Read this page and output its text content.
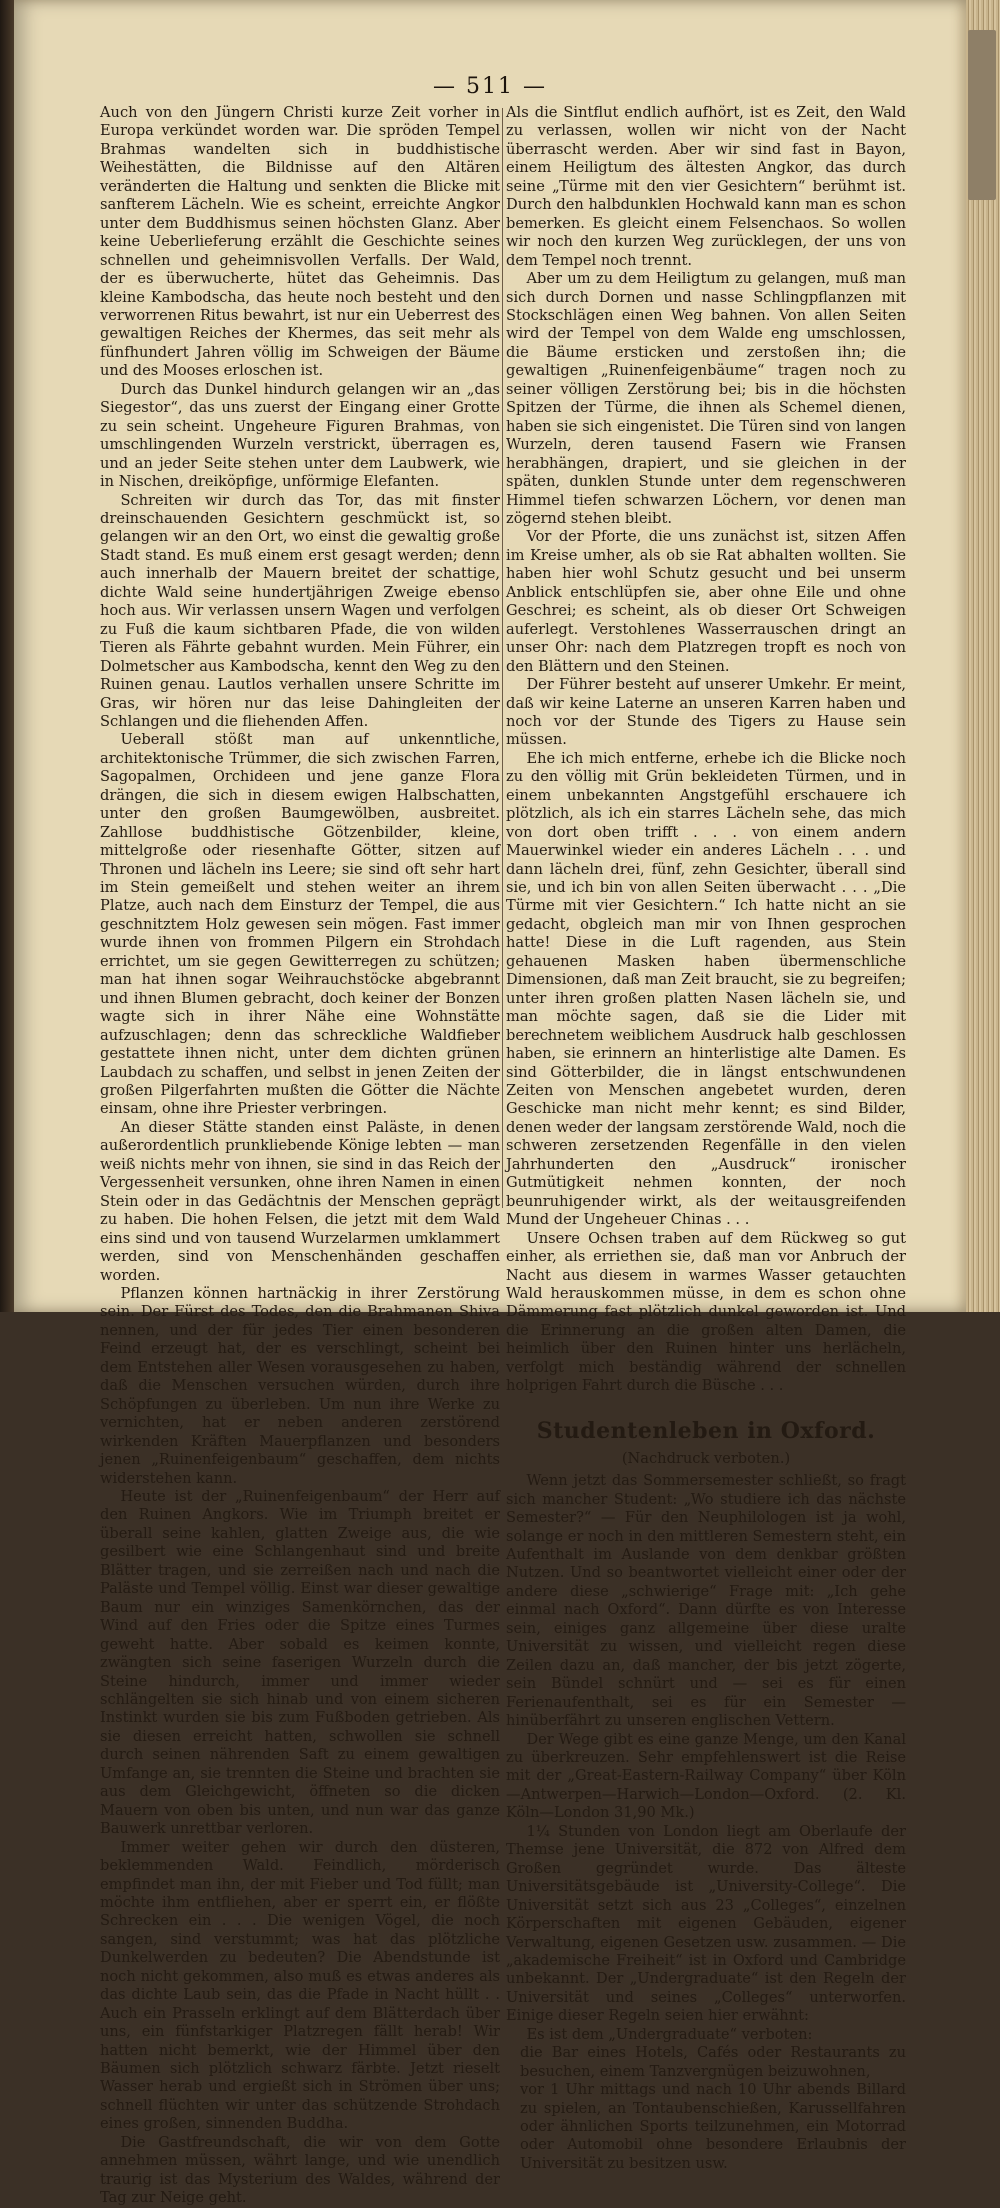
— 511 —

Auch von den Jüngern Christi kurze Zeit vorher in Europa verkündet worden war. Die spröden Tempel Brahmas wandelten sich in buddhistische Weihestätten, die Bildnisse auf den Altären veränderten die Haltung und senkten die Blicke mit sanfterem Lächeln. Wie es scheint, erreichte Angkor unter dem Buddhismus seinen höchsten Glanz. Aber keine Ueberlieferung erzählt die Geschichte seines schnellen und geheimnisvollen Verfalls. Der Wald, der es überwucherte, hütet das Geheimnis. Das kleine Kambodscha, das heute noch besteht und den verworrenen Ritus bewahrt, ist nur ein Ueberrest des gewaltigen Reiches der Khermes, das seit mehr als fünfhundert Jahren völlig im Schweigen der Bäume und des Mooses erloschen ist.

Durch das Dunkel hindurch gelangen wir an „das Siegestor“, das uns zuerst der Eingang einer Grotte zu sein scheint. Ungeheure Figuren Brahmas, von umschlingenden Wurzeln verstrickt, überragen es, und an jeder Seite stehen unter dem Laubwerk, wie in Nischen, dreiköpfige, unförmige Elefanten.

Schreiten wir durch das Tor, das mit finster dreinschauenden Gesichtern geschmückt ist, so gelangen wir an den Ort, wo einst die gewaltig große Stadt stand. Es muß einem erst gesagt werden; denn auch innerhalb der Mauern breitet der schattige, dichte Wald seine hundertjährigen Zweige ebenso hoch aus. Wir verlassen unsern Wagen und verfolgen zu Fuß die kaum sichtbaren Pfade, die von wilden Tieren als Fährte gebahnt wurden. Mein Führer, ein Dolmetscher aus Kambodscha, kennt den Weg zu den Ruinen genau. Lautlos verhallen unsere Schritte im Gras, wir hören nur das leise Dahingleiten der Schlangen und die fliehenden Affen.

Ueberall stößt man auf unkenntliche, architektonische Trümmer, die sich zwischen Farren, Sagopalmen, Orchideen und jene ganze Flora drängen, die sich in diesem ewigen Halbschatten, unter den großen Baumgewölben, ausbreitet. Zahllose buddhistische Götzenbilder, kleine, mittelgroße oder riesenhafte Götter, sitzen auf Thronen und lächeln ins Leere; sie sind oft sehr hart im Stein gemeißelt und stehen weiter an ihrem Platze, auch nach dem Einsturz der Tempel, die aus geschnitztem Holz gewesen sein mögen. Fast immer wurde ihnen von frommen Pilgern ein Strohdach errichtet, um sie gegen Gewitterregen zu schützen; man hat ihnen sogar Weihrauchstöcke abgebrannt und ihnen Blumen gebracht, doch keiner der Bonzen wagte sich in ihrer Nähe eine Wohnstätte aufzuschlagen; denn das schreckliche Waldfieber gestattete ihnen nicht, unter dem dichten grünen Laubdach zu schaffen, und selbst in jenen Zeiten der großen Pilgerfahrten mußten die Götter die Nächte einsam, ohne ihre Priester verbringen.

An dieser Stätte standen einst Paläste, in denen außerordentlich prunkliebende Könige lebten — man weiß nichts mehr von ihnen, sie sind in das Reich der Vergessenheit versunken, ohne ihren Namen in einen Stein oder in das Gedächtnis der Menschen geprägt zu haben. Die hohen Felsen, die jetzt mit dem Wald eins sind und von tausend Wurzelarmen umklammert werden, sind von Menschenhänden geschaffen worden.

Pflanzen können hartnäckig in ihrer Zerstörung sein. Der Fürst des Todes, den die Brahmanen Shiva nennen, und der für jedes Tier einen besonderen Feind erzeugt hat, der es verschlingt, scheint bei dem Entstehen aller Wesen vorausgesehen zu haben, daß die Menschen versuchen würden, durch ihre Schöpfungen zu überleben. Um nun ihre Werke zu vernichten, hat er neben anderen zerstörend wirkenden Kräften Mauerpflanzen und besonders jenen „Ruinenfeigenbaum“ geschaffen, dem nichts widerstehen kann.

Heute ist der „Ruinenfeigenbaum“ der Herr auf den Ruinen Angkors. Wie im Triumph breitet er überall seine kahlen, glatten Zweige aus, die wie gesilbert wie eine Schlangenhaut sind und breite Blätter tragen, und sie zerreißen nach und nach die Paläste und Tempel völlig. Einst war dieser gewaltige Baum nur ein winziges Samenkörnchen, das der Wind auf den Fries oder die Spitze eines Turmes geweht hatte. Aber sobald es keimen konnte, zwängten sich seine faserigen Wurzeln durch die Steine hindurch, immer und immer wieder schlängelten sie sich hinab und von einem sicheren Instinkt wurden sie bis zum Fußboden getrieben. Als sie diesen erreicht hatten, schwollen sie schnell durch seinen nährenden Saft zu einem gewaltigen Umfange an, sie trennten die Steine und brachten sie aus dem Gleichgewicht, öffneten so die dicken Mauern von oben bis unten, und nun war das ganze Bauwerk unrettbar verloren.

Immer weiter gehen wir durch den düsteren, beklemmenden Wald. Feindlich, mörderisch empfindet man ihn, der mit Fieber und Tod füllt; man möchte ihm entfliehen, aber er sperrt ein, er flößte Schrecken ein . . . Die wenigen Vögel, die noch sangen, sind verstummt; was hat das plötzliche Dunkelwerden zu bedeuten? Die Abendstunde ist noch nicht gekommen, also muß es etwas anderes als das dichte Laub sein, das die Pfade in Nacht hüllt . . Auch ein Prasseln erklingt auf dem Blätterdach über uns, ein fünfstarkiger Platzregen fällt herab! Wir hatten nicht bemerkt, wie der Himmel über den Bäumen sich plötzlich schwarz färbte. Jetzt rieselt Wasser herab und ergießt sich in Strömen über uns; schnell flüchten wir unter das schützende Strohdach eines großen, sinnenden Buddha.

Die Gastfreundschaft, die wir von dem Gotte annehmen müssen, währt lange, und wie unendlich traurig ist das Mysterium des Waldes, während der Tag zur Neige geht.

Als die Sintflut endlich aufhört, ist es Zeit, den Wald zu verlassen, wollen wir nicht von der Nacht überrascht werden. Aber wir sind fast in Bayon, einem Heiligtum des ältesten Angkor, das durch seine „Türme mit den vier Gesichtern“ berühmt ist. Durch den halbdunklen Hochwald kann man es schon bemerken. Es gleicht einem Felsenchaos. So wollen wir noch den kurzen Weg zurücklegen, der uns von dem Tempel noch trennt.

Aber um zu dem Heiligtum zu gelangen, muß man sich durch Dornen und nasse Schlingpflanzen mit Stockschlägen einen Weg bahnen. Von allen Seiten wird der Tempel von dem Walde eng umschlossen, die Bäume ersticken und zerstoßen ihn; die gewaltigen „Ruinenfeigenbäume“ tragen noch zu seiner völligen Zerstörung bei; bis in die höchsten Spitzen der Türme, die ihnen als Schemel dienen, haben sie sich eingenistet. Die Türen sind von langen Wurzeln, deren tausend Fasern wie Fransen herabhängen, drapiert, und sie gleichen in der späten, dunklen Stunde unter dem regenschweren Himmel tiefen schwarzen Löchern, vor denen man zögernd stehen bleibt.

Vor der Pforte, die uns zunächst ist, sitzen Affen im Kreise umher, als ob sie Rat abhalten wollten. Sie haben hier wohl Schutz gesucht und bei unserm Anblick entschlüpfen sie, aber ohne Eile und ohne Geschrei; es scheint, als ob dieser Ort Schweigen auferlegt. Verstohlenes Wasserrauschen dringt an unser Ohr: nach dem Platzregen tropft es noch von den Blättern und den Steinen.

Der Führer besteht auf unserer Umkehr. Er meint, daß wir keine Laterne an unseren Karren haben und noch vor der Stunde des Tigers zu Hause sein müssen.

Ehe ich mich entferne, erhebe ich die Blicke noch zu den völlig mit Grün bekleideten Türmen, und in einem unbekannten Angstgefühl erschauere ich plötzlich, als ich ein starres Lächeln sehe, das mich von dort oben trifft . . . von einem andern Mauerwinkel wieder ein anderes Lächeln . . . und dann lächeln drei, fünf, zehn Gesichter, überall sind sie, und ich bin von allen Seiten überwacht . . . „Die Türme mit vier Gesichtern.“ Ich hatte nicht an sie gedacht, obgleich man mir von Ihnen gesprochen hatte! Diese in die Luft ragenden, aus Stein gehauenen Masken haben übermenschliche Dimensionen, daß man Zeit braucht, sie zu begreifen; unter ihren großen platten Nasen lächeln sie, und man möchte sagen, daß sie die Lider mit berechnetem weiblichem Ausdruck halb geschlossen haben, sie erinnern an hinterlistige alte Damen. Es sind Götterbilder, die in längst entschwundenen Zeiten von Menschen angebetet wurden, deren Geschicke man nicht mehr kennt; es sind Bilder, denen weder der langsam zerstörende Wald, noch die schweren zersetzenden Regenfälle in den vielen Jahrhunderten den „Ausdruck“ ironischer Gutmütigkeit nehmen konnten, der noch beunruhigender wirkt, als der weitausgreifenden Mund der Ungeheuer Chinas . . .

Unsere Ochsen traben auf dem Rückweg so gut einher, als erriethen sie, daß man vor Anbruch der Nacht aus diesem in warmes Wasser getauchten Wald herauskommen müsse, in dem es schon ohne Dämmerung fast plötzlich dunkel geworden ist. Und die Erinnerung an die großen alten Damen, die heimlich über den Ruinen hinter uns herlächeln, verfolgt mich beständig während der schnellen holprigen Fahrt durch die Büsche . . .

Studentenleben in Oxford.
(Nachdruck verboten.)

Wenn jetzt das Sommersemester schließt, so fragt sich mancher Student: „Wo studiere ich das nächste Semester?“ — Für den Neuphilologen ist ja wohl, solange er noch in den mittleren Semestern steht, ein Aufenthalt im Auslande von dem denkbar größten Nutzen. Und so beantwortet vielleicht einer oder der andere diese „schwierige“ Frage mit: „Ich gehe einmal nach Oxford“. Dann dürfte es von Interesse sein, einiges ganz allgemeine über diese uralte Universität zu wissen, und vielleicht regen diese Zeilen dazu an, daß mancher, der bis jetzt zögerte, sein Bündel schnürt und — sei es für einen Ferienaufenthalt, sei es für ein Semester — hinüberfährt zu unseren englischen Vettern.

Der Wege gibt es eine ganze Menge, um den Kanal zu überkreuzen. Sehr empfehlenswert ist die Reise mit der „Great-Eastern-Railway Company“ über Köln—Antwerpen—Harwich—London—Oxford. (2. Kl. Köln—London 31,90 Mk.)

1¼ Stunden von London liegt am Oberlaufe der Themse jene Universität, die 872 von Alfred dem Großen gegründet wurde. Das älteste Universitätsgebäude ist „University-College“. Die Universität setzt sich aus 23 „Colleges“, einzelnen Körperschaften mit eigenen Gebäuden, eigener Verwaltung, eigenen Gesetzen usw. zusammen. — Die „akademische Freiheit“ ist in Oxford und Cambridge unbekannt. Der „Undergraduate“ ist den Regeln der Universität und seines „Colleges“ unterworfen. Einige dieser Regeln seien hier erwähnt:

Es ist dem „Undergraduate“ verboten:

die Bar eines Hotels, Cafés oder Restaurants zu besuchen, einem Tanzvergnügen beizuwohnen,

vor 1 Uhr mittags und nach 10 Uhr abends Billard zu spielen, an Tontaubenschießen, Karussellfahren oder ähnlichen Sports teilzunehmen, ein Motorrad oder Automobil ohne besondere Erlaubnis der Universität zu besitzen usw.
